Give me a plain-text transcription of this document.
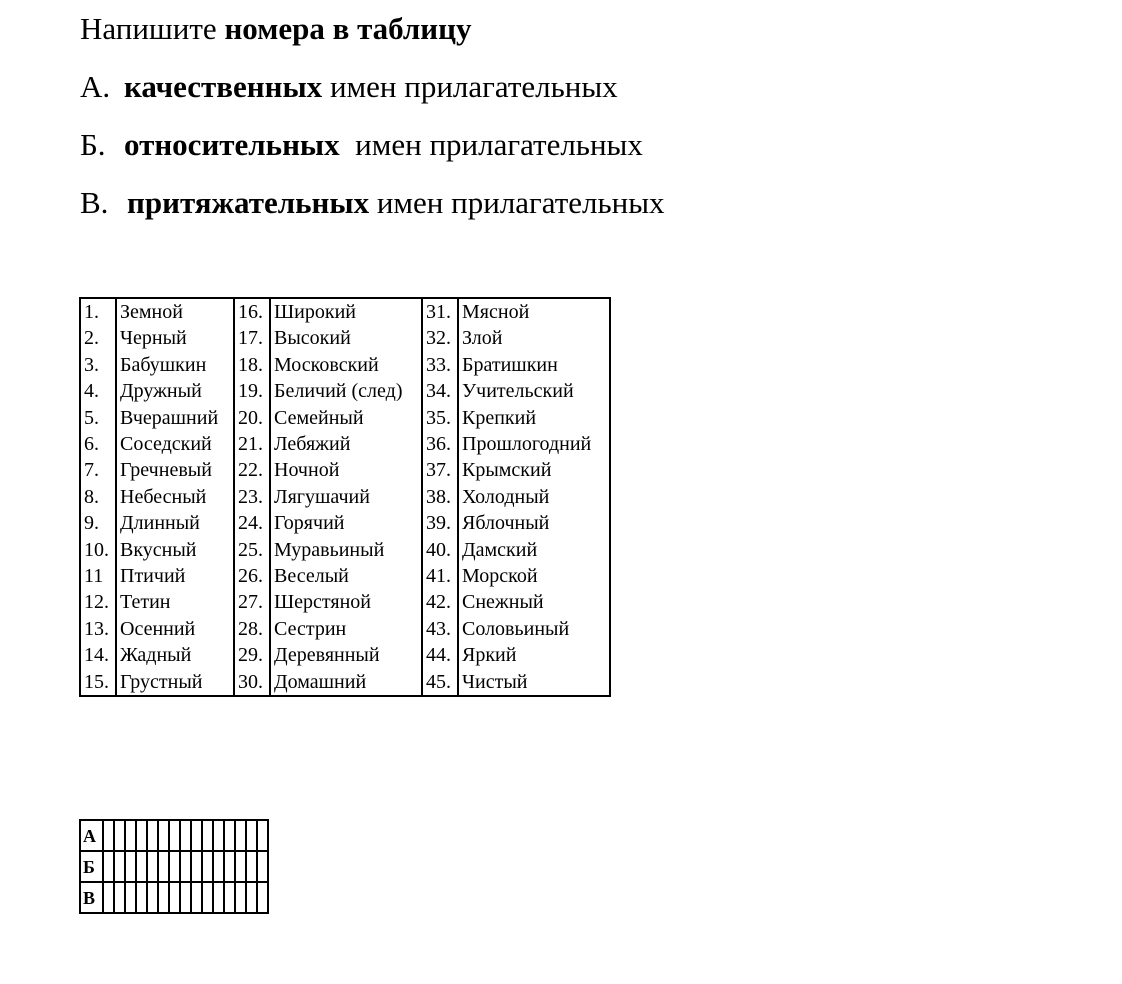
Напишите номера в таблицу
А. качественных имен прилагательных
Б. относительных  имен прилагательных
В. притяжательных имен прилагательных
1.	Земной	16.	Широкий	31.	Мясной
2.	Черный	17.	Высокий	32.	Злой
3.	Бабушкин	18.	Московский	33.	Братишкин
4.	Дружный	19.	Беличий (след)	34.	Учительский
5.	Вчерашний	20.	Семейный	35.	Крепкий
6.	Соседский	21.	Лебяжий	36.	Прошлогодний
7.	Гречневый	22.	Ночной	37.	Крымский
8.	Небесный	23.	Лягушачий	38.	Холодный
9.	Длинный	24.	Горячий	39.	Яблочный
10.	Вкусный	25.	Муравьиный	40.	Дамский
11	Птичий	26.	Веселый	41.	Морской
12.	Тетин	27.	Шерстяной	42.	Снежный
13.	Осенний	28.	Сестрин	43.	Соловьиный
14.	Жадный	29.	Деревянный	44.	Яркий
15.	Грустный	30.	Домашний	45.	Чистый
А															
Б															
В															
